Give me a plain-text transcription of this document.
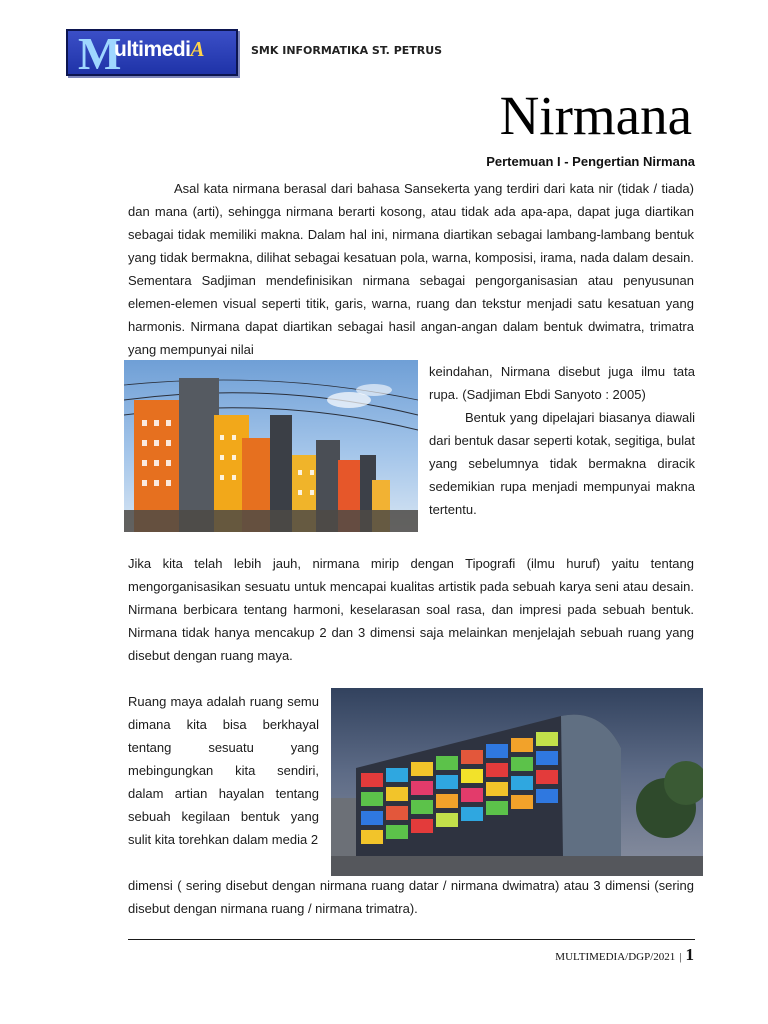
M
ultimediA	SMK INFORMATIKA ST. PETRUS
Nirmana
Pertemuan I - Pengertian Nirmana

Asal kata nirmana berasal dari bahasa Sansekerta yang terdiri dari kata nir (tidak / tiada) dan mana (arti), sehingga nirmana berarti kosong, atau tidak ada apa-apa, dapat juga diartikan sebagai tidak memiliki makna. Dalam hal ini, nirmana diartikan sebagai lambang-lambang bentuk yang tidak bermakna, dilihat sebagai kesatuan pola, warna, komposisi, irama, nada dalam desain. Sementara Sadjiman mendefinisikan nirmana sebagai pengorganisasian atau penyusunan elemen-elemen visual seperti titik, garis, warna, ruang dan tekstur menjadi satu kesatuan yang harmonis. Nirmana dapat diartikan sebagai hasil angan-angan dalam bentuk dwimatra, trimatra yang mempunyai nilai

keindahan, Nirmana disebut juga ilmu tata rupa. (Sadjiman Ebdi Sanyoto : 2005)

Bentuk yang dipelajari biasanya diawali dari bentuk dasar seperti kotak, segitiga, bulat yang sebelumnya tidak bermakna diracik sedemikian rupa menjadi mempunyai makna tertentu.

Jika kita telah lebih jauh, nirmana mirip dengan Tipografi (ilmu huruf) yaitu tentang mengorganisasikan sesuatu untuk mencapai kualitas artistik pada sebuah karya seni atau desain. Nirmana berbicara tentang harmoni, keselarasan soal rasa, dan impresi pada sebuah bentuk. Nirmana tidak hanya mencakup 2 dan 3 dimensi saja melainkan menjelajah sebuah ruang yang disebut dengan ruang maya.

Ruang maya adalah ruang semu dimana kita bisa berkhayal tentang sesuatu yang mebingungkan kita sendiri, dalam artian hayalan tentang sebuah kegilaan bentuk yang sulit kita torehkan dalam media 2

dimensi ( sering disebut dengan nirmana ruang datar / nirmana dwimatra) atau 3 dimensi (sering disebut dengan nirmana ruang / nirmana trimatra).

MULTIMEDIA/DGP/2021 | 1
